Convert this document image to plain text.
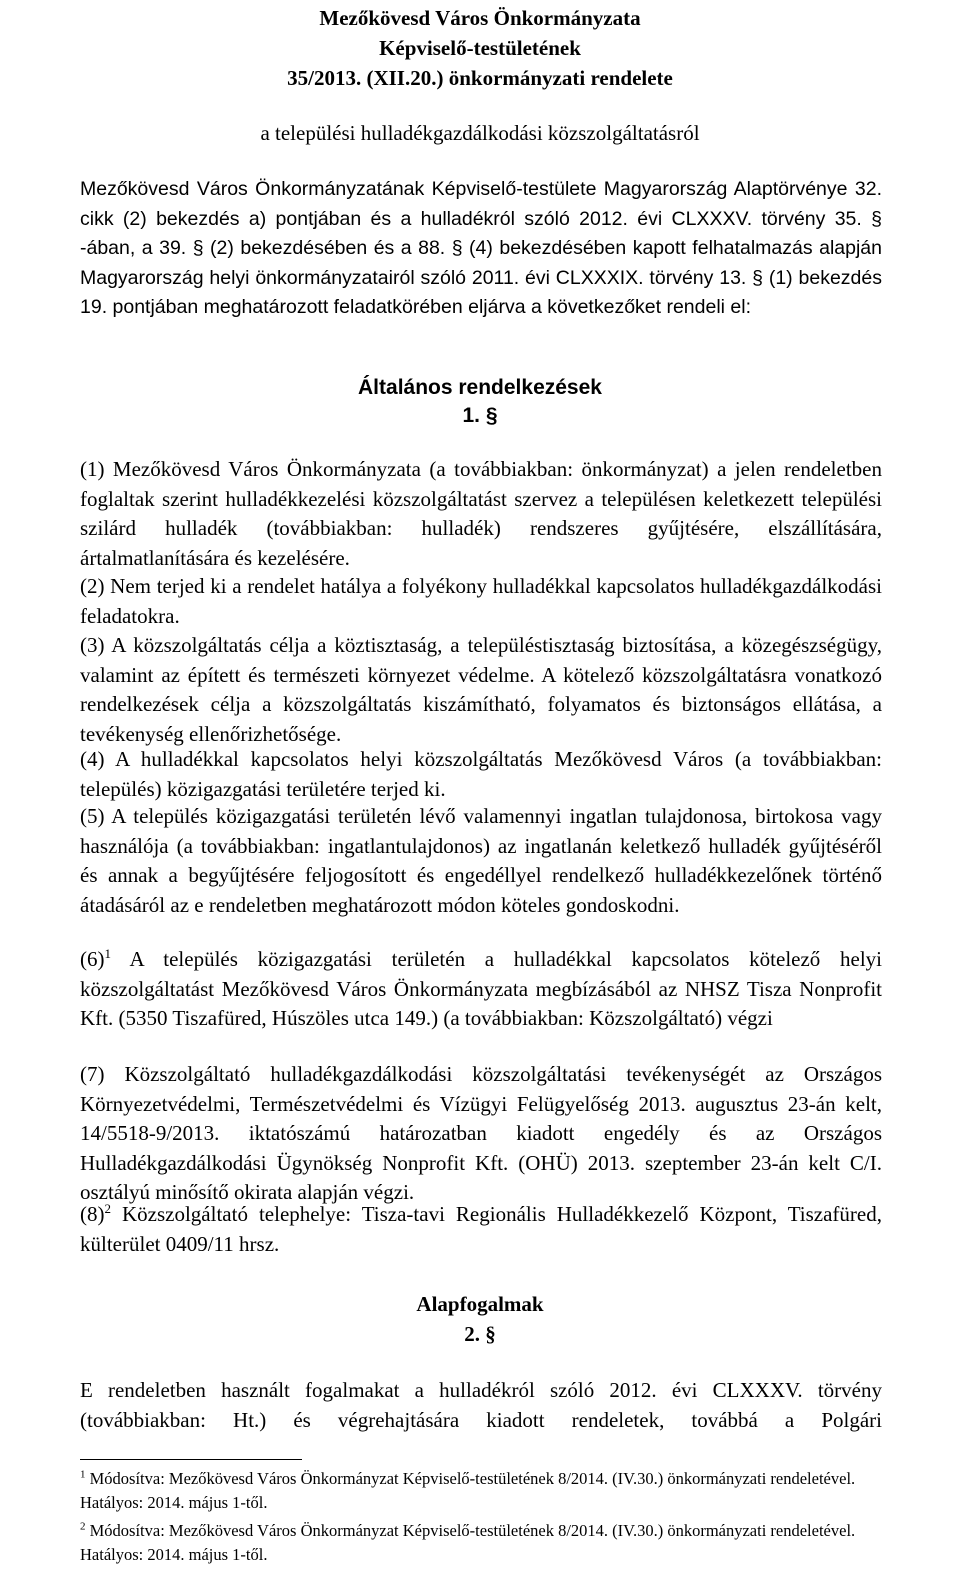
Mezőkövesd Város Önkormányzata
Képviselő-testületének
35/2013. (XII.20.) önkormányzati rendelete
a települési hulladékgazdálkodási közszolgáltatásról
Mezőkövesd Város Önkormányzatának Képviselő-testülete Magyarország Alaptörvénye 32. cikk (2) bekezdés a) pontjában és a hulladékról szóló 2012. évi CLXXXV. törvény 35. § -ában, a 39. § (2) bekezdésében és a 88. § (4) bekezdésében kapott felhatalmazás alapján Magyarország helyi önkormányzatairól szóló 2011. évi CLXXXIX. törvény 13. § (1) bekezdés 19. pontjában meghatározott feladatkörében eljárva a következőket rendeli el:
Általános rendelkezések
1. §
(1) Mezőkövesd Város Önkormányzata (a továbbiakban: önkormányzat) a jelen rendeletben foglaltak szerint hulladékkezelési közszolgáltatást szervez a településen keletkezett települési szilárd hulladék (továbbiakban: hulladék) rendszeres gyűjtésére, elszállítására, ártalmatlanítására és kezelésére.
(2) Nem terjed ki a rendelet hatálya a folyékony hulladékkal kapcsolatos hulladékgazdálkodási feladatokra.
(3) A közszolgáltatás célja a köztisztaság, a településtisztaság biztosítása, a közegészségügy, valamint az épített és természeti környezet védelme. A kötelező közszolgáltatásra vonatkozó rendelkezések célja a közszolgáltatás kiszámítható, folyamatos és biztonságos ellátása, a tevékenység ellenőrizhetősége.
(4) A hulladékkal kapcsolatos helyi közszolgáltatás Mezőkövesd Város (a továbbiakban: település) közigazgatási területére terjed ki.
(5) A település közigazgatási területén lévő valamennyi ingatlan tulajdonosa, birtokosa vagy használója (a továbbiakban: ingatlantulajdonos) az ingatlanán keletkező hulladék gyűjtéséről és annak a begyűjtésére feljogosított és engedéllyel rendelkező hulladékkezelőnek történő átadásáról az e rendeletben meghatározott módon köteles gondoskodni.
$(6)^1$ A település közigazgatási területén a hulladékkal kapcsolatos kötelező helyi közszolgáltatást Mezőkövesd Város Önkormányzata megbízásából az NHSZ Tisza Nonprofit Kft. (5350 Tiszafüred, Húszöles utca 149.) (a továbbiakban: Közszolgáltató) végzi
(7) Közszolgáltató hulladékgazdálkodási közszolgáltatási tevékenységét az Országos Környezetvédelmi, Természetvédelmi és Vízügyi Felügyelőség 2013. augusztus 23-án kelt, 14/5518-9/2013. iktatószámú határozatban kiadott engedély és az Országos Hulladékgazdálkodási Ügynökség Nonprofit Kft. (OHÜ) 2013. szeptember 23-án kelt C/I. osztályú minősítő okirata alapján végzi.
$(8)^2$ Közszolgáltató telephelye: Tisza-tavi Regionális Hulladékkezelő Központ, Tiszafüred, külterület 0409/11 hrsz.
Alapfogalmak
2. §
E rendeletben használt fogalmakat a hulladékról szóló 2012. évi CLXXXV. törvény (továbbiakban: Ht.) és végrehajtására kiadott rendeletek, továbbá a Polgári
$^1$ Módosítva: Mezőkövesd Város Önkormányzat Képviselő-testületének 8/2014. (IV.30.) önkormányzati rendeletével. Hatályos: 2014. május 1-től.
$^2$ Módosítva: Mezőkövesd Város Önkormányzat Képviselő-testületének 8/2014. (IV.30.) önkormányzati rendeletével. Hatályos: 2014. május 1-től.
